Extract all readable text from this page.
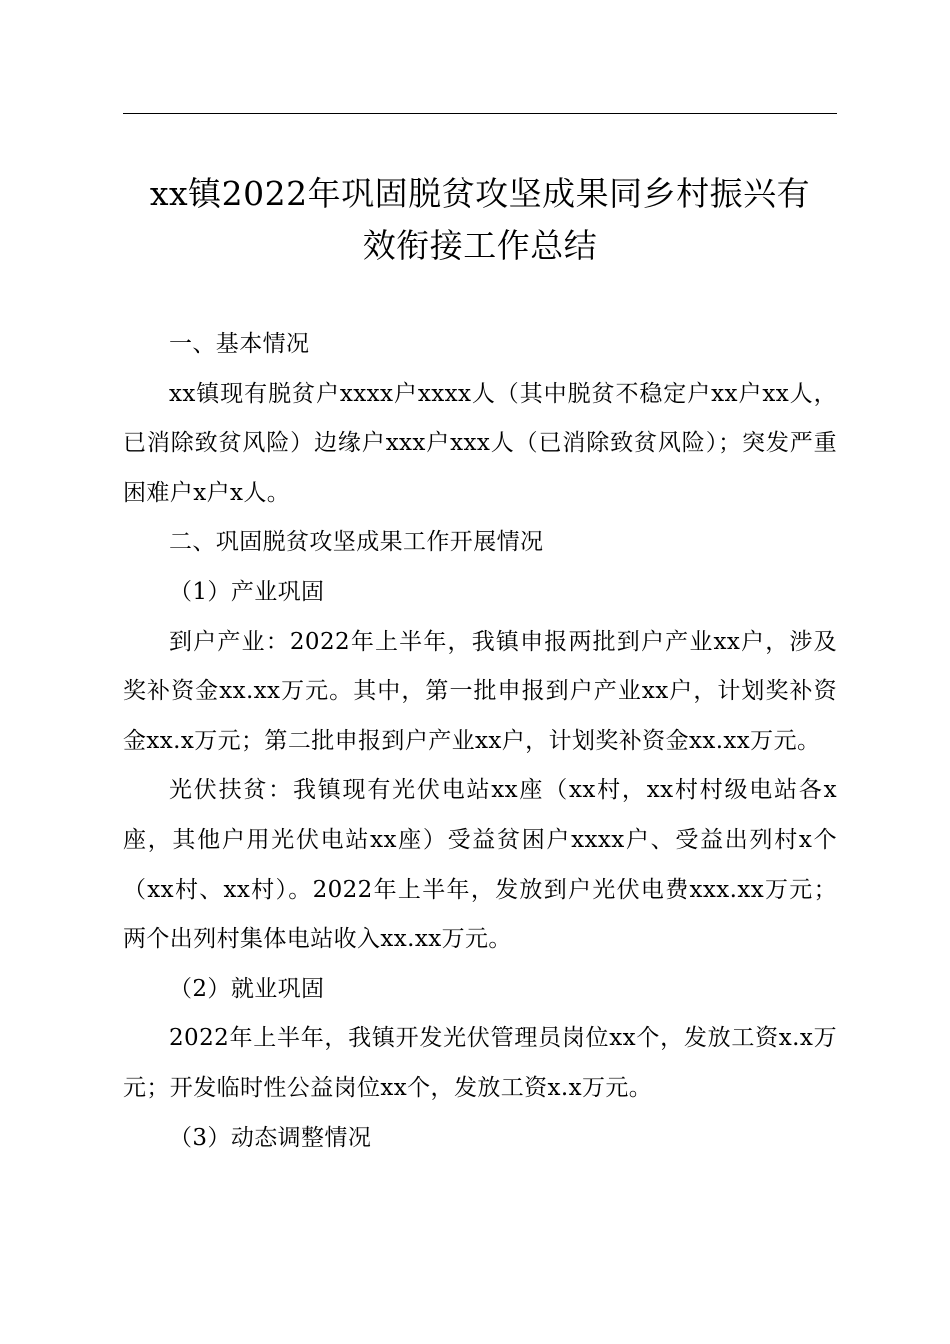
xx镇2022年巩固脱贫攻坚成果同乡村振兴有
效衔接工作总结

一、基本情况

xx镇现有脱贫户xxxx户xxxx人（其中脱贫不稳定户xx户xx人，已消除致贫风险）边缘户xxx户xxx人（已消除致贫风险）；突发严重困难户x户x人。

二、巩固脱贫攻坚成果工作开展情况

（1）产业巩固

到户产业：2022年上半年，我镇申报两批到户产业xx户，涉及奖补资金xx.xx万元。其中，第一批申报到户产业xx户，计划奖补资金xx.x万元；第二批申报到户产业xx户，计划奖补资金xx.xx万元。

光伏扶贫：我镇现有光伏电站xx座（xx村，xx村村级电站各x座，其他户用光伏电站xx座）受益贫困户xxxx户、受益出列村x个（xx村、xx村）。2022年上半年，发放到户光伏电费xxx.xx万元；两个出列村集体电站收入xx.xx万元。

（2）就业巩固

2022年上半年，我镇开发光伏管理员岗位xx个，发放工资x.x万元；开发临时性公益岗位xx个，发放工资x.x万元。

（3）动态调整情况
